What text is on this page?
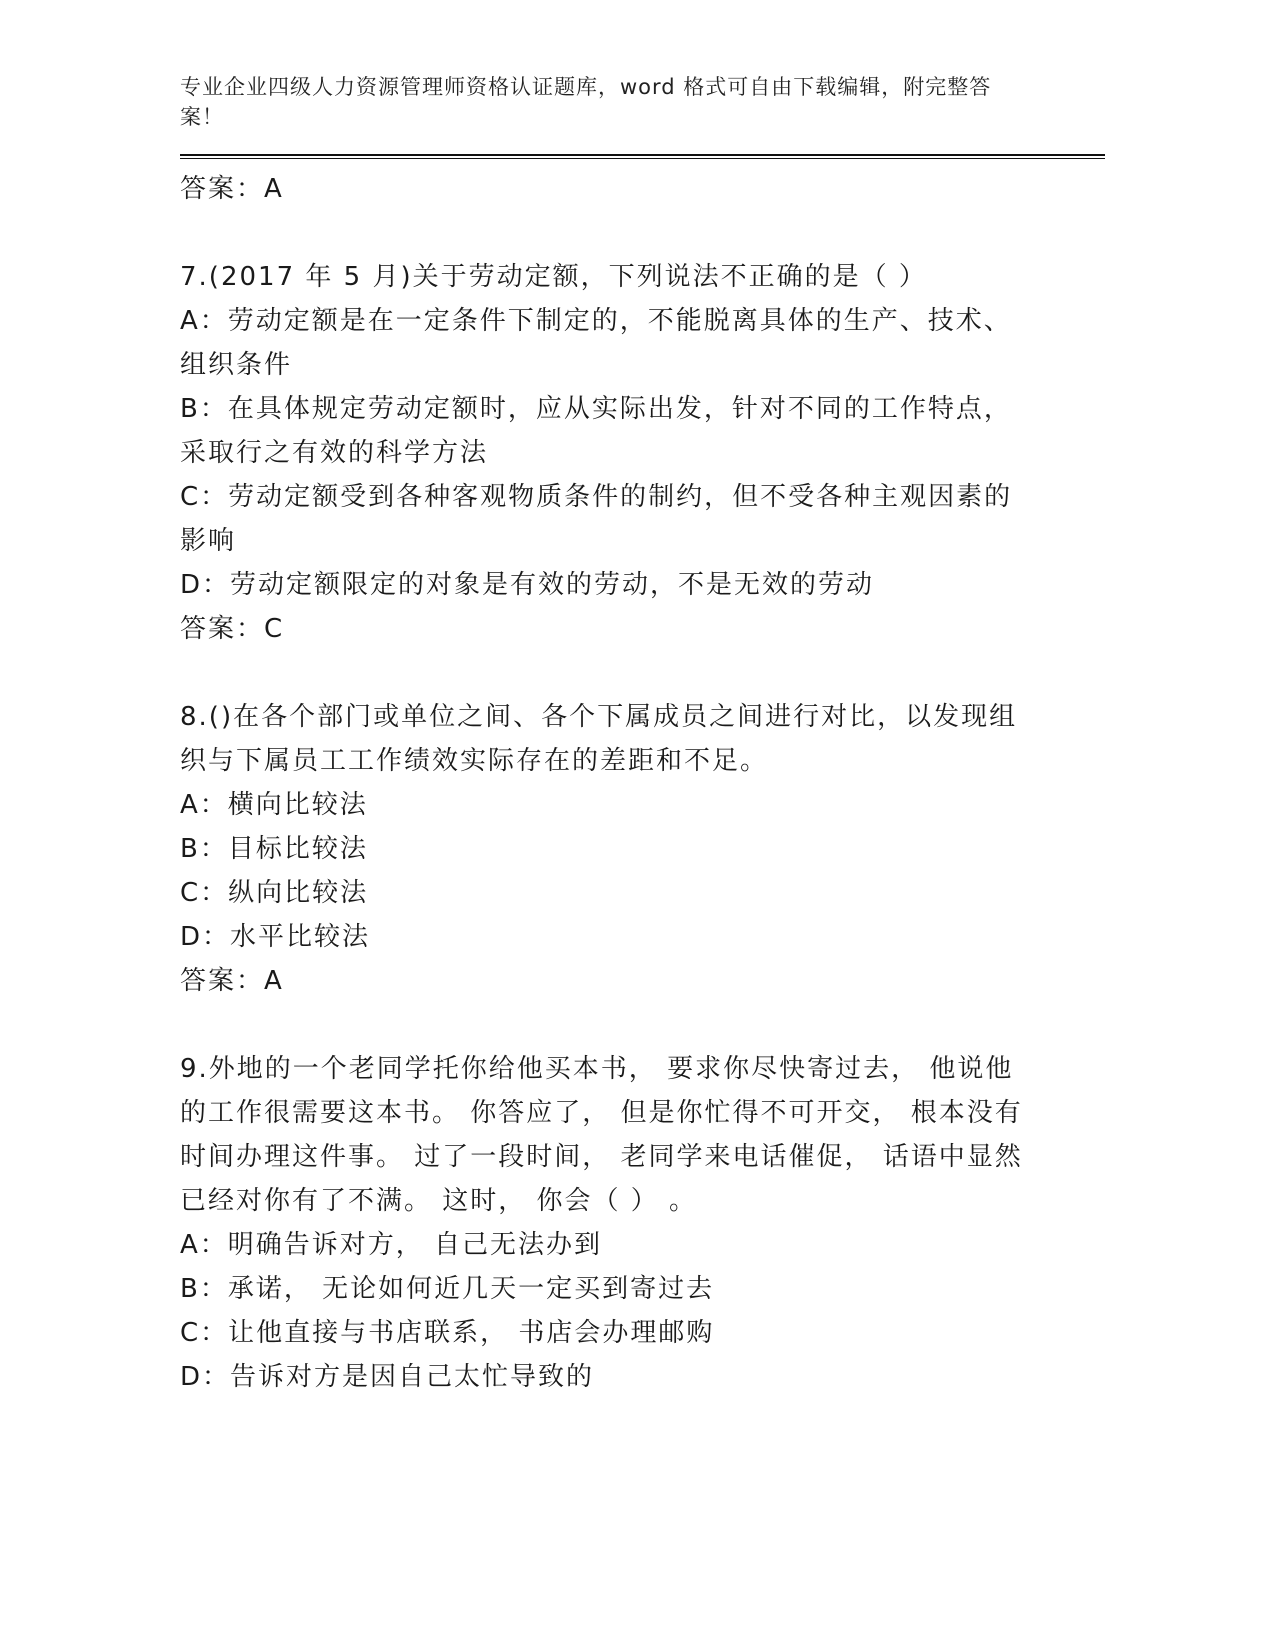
专业企业四级人力资源管理师资格认证题库，word 格式可自由下载编辑，附完整答案！
答案：A
7.(2017 年 5 月)关于劳动定额，下列说法不正确的是（ ）
A：劳动定额是在一定条件下制定的，不能脱离具体的生产、技术、组织条件
B：在具体规定劳动定额时，应从实际出发，针对不同的工作特点，采取行之有效的科学方法
C：劳动定额受到各种客观物质条件的制约，但不受各种主观因素的影响
D：劳动定额限定的对象是有效的劳动，不是无效的劳动
答案：C
8.()在各个部门或单位之间、各个下属成员之间进行对比，以发现组织与下属员工工作绩效实际存在的差距和不足。
A：横向比较法
B：目标比较法
C：纵向比较法
D：水平比较法
答案：A
9.外地的一个老同学托你给他买本书， 要求你尽快寄过去， 他说他的工作很需要这本书。 你答应了， 但是你忙得不可开交， 根本没有时间办理这件事。 过了一段时间， 老同学来电话催促， 话语中显然已经对你有了不满。 这时， 你会（ ） 。
A：明确告诉对方， 自己无法办到
B：承诺， 无论如何近几天一定买到寄过去
C：让他直接与书店联系， 书店会办理邮购
D：告诉对方是因自己太忙导致的
